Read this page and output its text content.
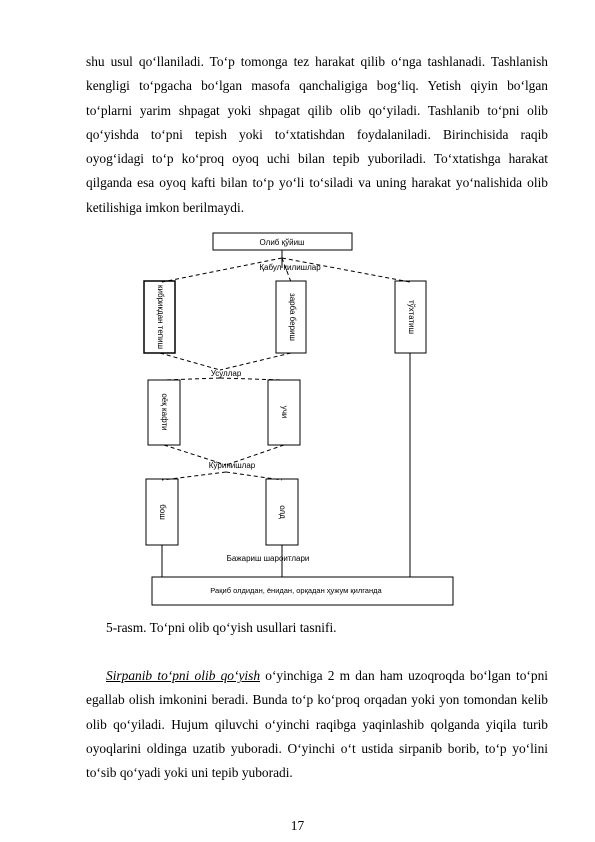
shu usul qo‘llaniladi. To‘p tomonga tez harakat qilib o‘nga tashlanadi. Tashlanish kengligi to‘pgacha bo‘lgan masofa qanchaligiga bog‘liq. Yetish qiyin bo‘lgan to‘plarni yarim shpagat yoki shpagat qilib olib qo‘yiladi. Tashlanib to‘pni olib qo‘yishda to‘pni tepish yoki to‘xtatishdan foydalaniladi. Birinchisida raqib oyog‘idagi to‘p ko‘proq oyoq uchi bilan tepib yuboriladi. To‘xtatishga harakat qilganda esa oyoq kafti bilan to‘p yo‘li to‘siladi va uning harakat yo‘nalishida olib ketilishiga imkon berilmaydi.
Олиб қўйиш
Қабул қилишлар
Усуллар
Кўринишлар
Бажариш шароитлари
Рақиб олдидан, ёнидан, орқадан ҳужум қилганда
кибрикдан тепиш	зарба бериш	тўхтатиш
оёқ кафти	учи
бош	олд
5-rasm. To‘pni olib qo‘yish usullari tasnifi.
Sirpanib to‘pni olib qo‘yish o‘yinchiga 2 m dan ham uzoqroqda bo‘lgan to‘pni egallab olish imkonini beradi. Bunda to‘p ko‘proq orqadan yoki yon tomondan kelib olib qo‘yiladi. Hujum qiluvchi o‘yinchi raqibga yaqinlashib qolganda yiqila turib oyoqlarini oldinga uzatib yuboradi. O‘yinchi o‘t ustida sirpanib borib, to‘p yo‘lini to‘sib qo‘yadi yoki uni tepib yuboradi.
17
